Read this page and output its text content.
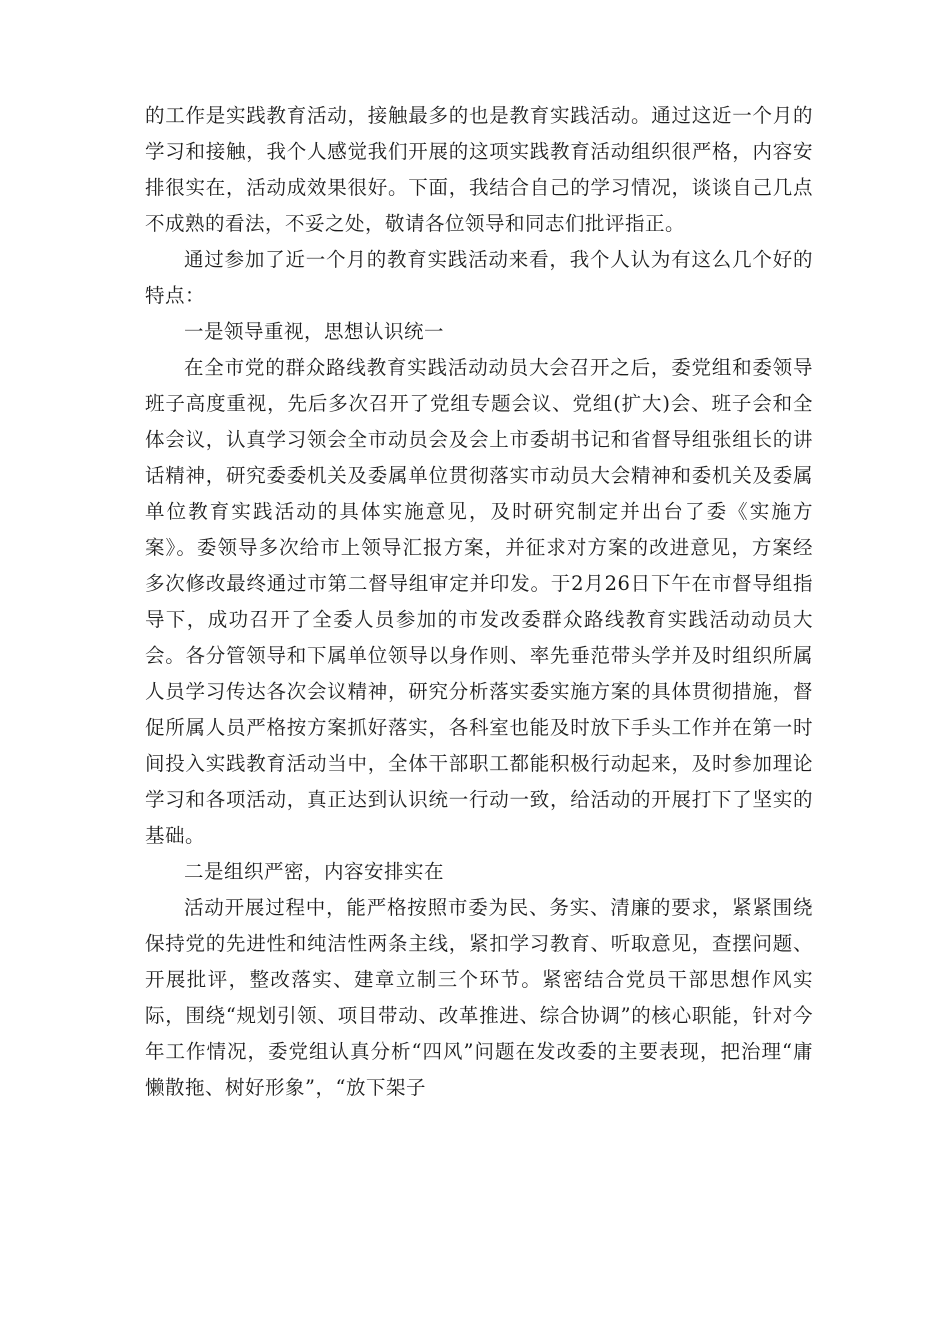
的工作是实践教育活动，接触最多的也是教育实践活动。通过这近一个月的学习和接触，我个人感觉我们开展的这项实践教育活动组织很严格，内容安排很实在，活动成效果很好。下面，我结合自己的学习情况，谈谈自己几点不成熟的看法，不妥之处，敬请各位领导和同志们批评指正。

通过参加了近一个月的教育实践活动来看，我个人认为有这么几个好的特点：

一是领导重视，思想认识统一

在全市党的群众路线教育实践活动动员大会召开之后，委党组和委领导班子高度重视，先后多次召开了党组专题会议、党组(扩大)会、班子会和全体会议，认真学习领会全市动员会及会上市委胡书记和省督导组张组长的讲话精神，研究委委机关及委属单位贯彻落实市动员大会精神和委机关及委属单位教育实践活动的具体实施意见，及时研究制定并出台了委《实施方案》。委领导多次给市上领导汇报方案，并征求对方案的改进意见，方案经多次修改最终通过市第二督导组审定并印发。于2月26日下午在市督导组指导下，成功召开了全委人员参加的市发改委群众路线教育实践活动动员大会。各分管领导和下属单位领导以身作则、率先垂范带头学并及时组织所属人员学习传达各次会议精神，研究分析落实委实施方案的具体贯彻措施，督促所属人员严格按方案抓好落实，各科室也能及时放下手头工作并在第一时间投入实践教育活动当中，全体干部职工都能积极行动起来，及时参加理论学习和各项活动，真正达到认识统一行动一致，给活动的开展打下了坚实的基础。

二是组织严密，内容安排实在

活动开展过程中，能严格按照市委为民、务实、清廉的要求，紧紧围绕保持党的先进性和纯洁性两条主线，紧扣学习教育、听取意见，查摆问题、开展批评，整改落实、建章立制三个环节。紧密结合党员干部思想作风实际，围绕“规划引领、项目带动、改革推进、综合协调”的核心职能，针对今年工作情况，委党组认真分析“四风”问题在发改委的主要表现，把治理“庸懒散拖、树好形象”，“放下架子
